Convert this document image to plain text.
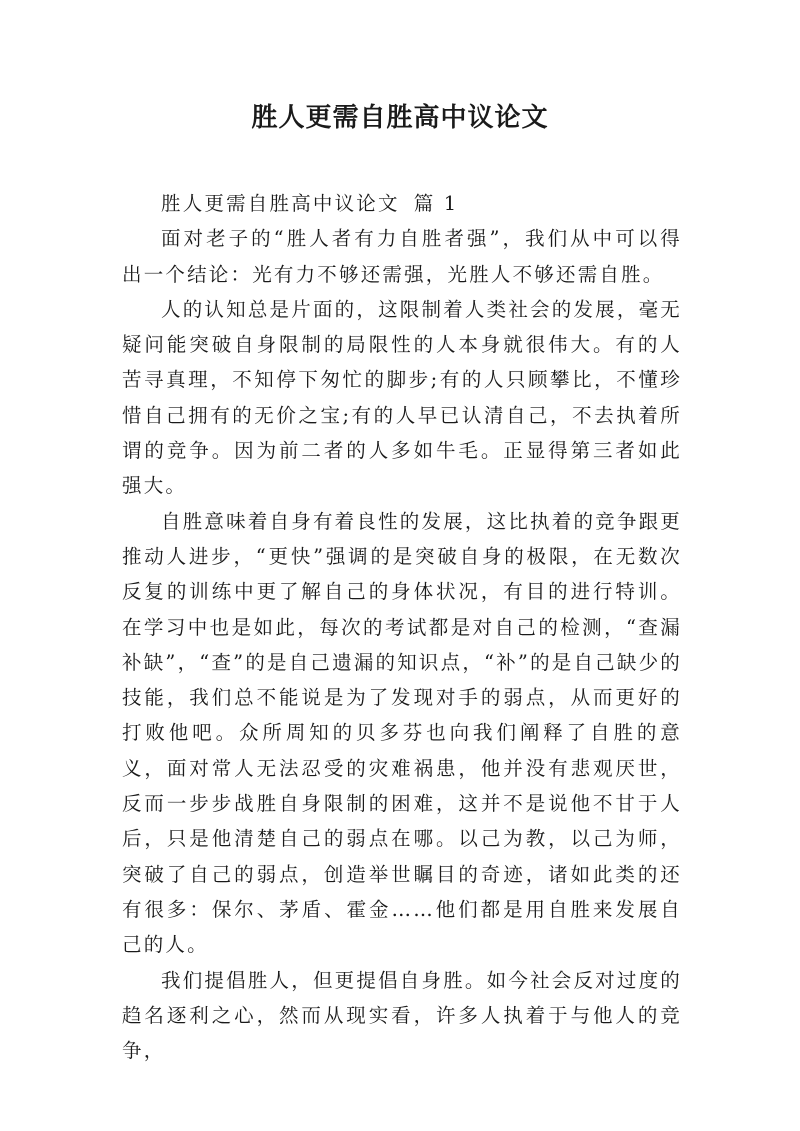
胜人更需自胜高中议论文

胜人更需自胜高中议论文 篇 1

面对老子的“胜人者有力自胜者强”，我们从中可以得出一个结论：光有力不够还需强，光胜人不够还需自胜。

人的认知总是片面的，这限制着人类社会的发展，毫无疑问能突破自身限制的局限性的人本身就很伟大。有的人苦寻真理，不知停下匆忙的脚步;有的人只顾攀比，不懂珍惜自己拥有的无价之宝;有的人早已认清自己，不去执着所谓的竞争。因为前二者的人多如牛毛。正显得第三者如此强大。

自胜意味着自身有着良性的发展，这比执着的竞争跟更推动人进步，“更快”强调的是突破自身的极限，在无数次反复的训练中更了解自己的身体状况，有目的进行特训。在学习中也是如此，每次的考试都是对自己的检测，“查漏补缺”，“查”的是自己遗漏的知识点，“补”的是自己缺少的技能，我们总不能说是为了发现对手的弱点，从而更好的打败他吧。众所周知的贝多芬也向我们阐释了自胜的意义，面对常人无法忍受的灾难祸患，他并没有悲观厌世，反而一步步战胜自身限制的困难，这并不是说他不甘于人后，只是他清楚自己的弱点在哪。以己为教，以己为师，突破了自己的弱点，创造举世瞩目的奇迹，诸如此类的还有很多：保尔、茅盾、霍金……他们都是用自胜来发展自己的人。

我们提倡胜人，但更提倡自身胜。如今社会反对过度的趋名逐利之心，然而从现实看，许多人执着于与他人的竞争，
